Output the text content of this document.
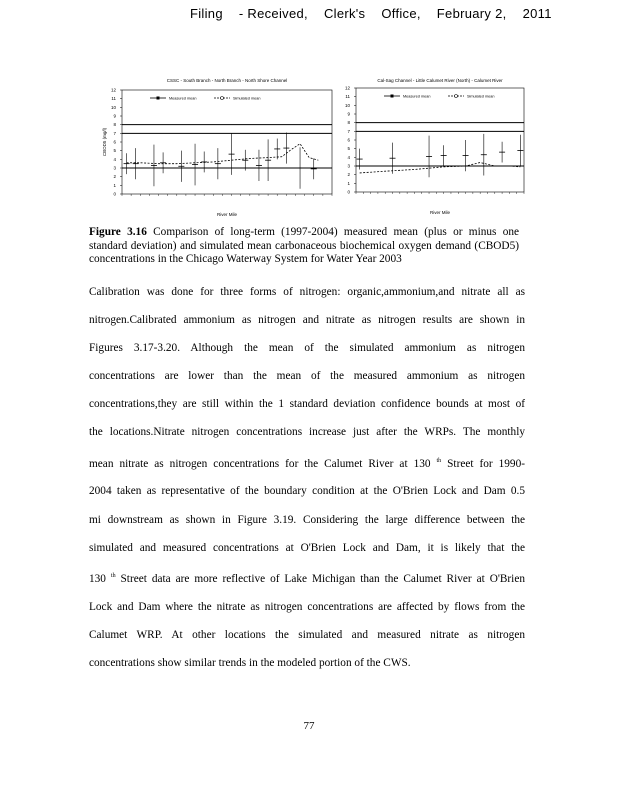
Filing - Received, Clerk's Office, February 2, 2011
CSSC - South Branch - North Branch - North Shore Channel
0
1
2
3
4
5
6
7
8
9
10
11
12
Measured mean	Simulated mean
River Mile
CBOD5 (mg/l)
Cal-Sag Channel - Little Calumet River (North) - Calumet River
0
1
2
3
4
5
6
7
8
9
10
11
12
Measured mean	Simulated mean
River Mile
Figure 3.16 Comparison of long-term (1997-2004) measured mean (plus or minus one standard deviation) and simulated mean carbonaceous biochemical oxygen demand (CBOD5) concentrations in the Chicago Waterway System for Water Year 2003

Calibration was done for three forms of nitrogen: organic,ammonium,and nitrate all as

nitrogen.Calibrated ammonium as nitrogen and nitrate as nitrogen results are shown in

Figures 3.17-3.20. Although the mean of the simulated ammonium as nitrogen

concentrations are lower than the mean of the measured ammonium as nitrogen

concentrations,they are still within the 1 standard deviation confidence bounds at most of

the locations.Nitrate nitrogen concentrations increase just after the WRPs. The monthly

mean nitrate as nitrogen concentrations for the Calumet River at 130 $^{th}$ Street for 1990-

2004 taken as representative of the boundary condition at the O'Brien Lock and Dam 0.5

mi downstream as shown in Figure 3.19. Considering the large difference between the

simulated and measured concentrations at O'Brien Lock and Dam, it is likely that the

130 $^{th}$ Street data are more reflective of Lake Michigan than the Calumet River at O'Brien

Lock and Dam where the nitrate as nitrogen concentrations are affected by flows from the

Calumet WRP. At other locations the simulated and measured nitrate as nitrogen

concentrations show similar trends in the modeled portion of the CWS.

77
